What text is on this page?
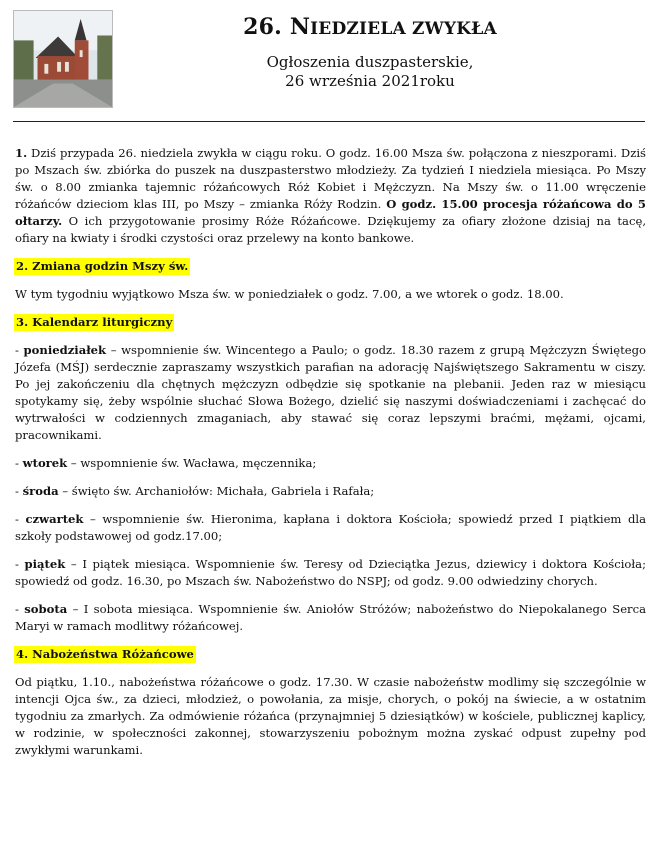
26. NIEDZIELA ZWYKŁA
Ogłoszenia duszpasterskie,
26 września 2021roku

1. Dziś przypada 26. niedziela zwykła w ciągu roku. O godz. 16.00 Msza św. połączona z nieszporami. Dziś po Mszach św. zbiórka do puszek na duszpasterstwo młodzieży. Za tydzień I niedziela miesiąca. Po Mszy św. o 8.00 zmianka tajemnic różańcowych Róż Kobiet i Mężczyzn. Na Mszy św. o 11.00 wręczenie różańców dzieciom klas III, po Mszy – zmianka Róży Rodzin. O godz. 15.00 procesja różańcowa do 5 ołtarzy. O ich przygotowanie prosimy Róże Różańcowe. Dziękujemy za ofiary złożone dzisiaj na tacę, ofiary na kwiaty i środki czystości oraz przelewy na konto bankowe.

2. Zmiana godzin Mszy św.

W tym tygodniu wyjątkowo Msza św. w poniedziałek o godz. 7.00, a we wtorek o godz. 18.00.

3. Kalendarz liturgiczny

- poniedziałek – wspomnienie św. Wincentego a Paulo; o godz. 18.30 razem z grupą Mężczyzn Świętego Józefa (MŚJ) serdecznie zapraszamy wszystkich parafian na adorację Najświętszego Sakramentu w ciszy. Po jej zakończeniu dla chętnych mężczyzn odbędzie się spotkanie na plebanii. Jeden raz w miesiącu spotykamy się, żeby wspólnie słuchać Słowa Bożego, dzielić się naszymi doświadczeniami i zachęcać do wytrwałości w codziennych zmaganiach, aby stawać się coraz lepszymi braćmi, mężami, ojcami, pracownikami.

- wtorek – wspomnienie św. Wacława, męczennika;

- środa – święto św. Archaniołów: Michała, Gabriela i Rafała;

- czwartek – wspomnienie św. Hieronima, kapłana i doktora Kościoła; spowiedź przed I piątkiem dla szkoły podstawowej od godz.17.00;

- piątek – I piątek miesiąca. Wspomnienie św. Teresy od Dzieciątka Jezus, dziewicy i doktora Kościoła; spowiedź od godz. 16.30, po Mszach św. Nabożeństwo do NSPJ; od godz. 9.00 odwiedziny chorych.

- sobota – I sobota miesiąca. Wspomnienie św. Aniołów Stróżów; nabożeństwo do Niepokalanego Serca Maryi w ramach modlitwy różańcowej.

4. Nabożeństwa Różańcowe

Od piątku, 1.10., nabożeństwa różańcowe o godz. 17.30. W czasie nabożeństw modlimy się szczególnie w intencji Ojca św., za dzieci, młodzież, o powołania, za misje, chorych, o pokój na świecie, a w ostatnim tygodniu za zmarłych. Za odmówienie różańca (przynajmniej 5 dziesiątków) w kościele, publicznej kaplicy, w rodzinie, w społeczności zakonnej, stowarzyszeniu pobożnym można zyskać odpust zupełny pod zwykłymi warunkami.
